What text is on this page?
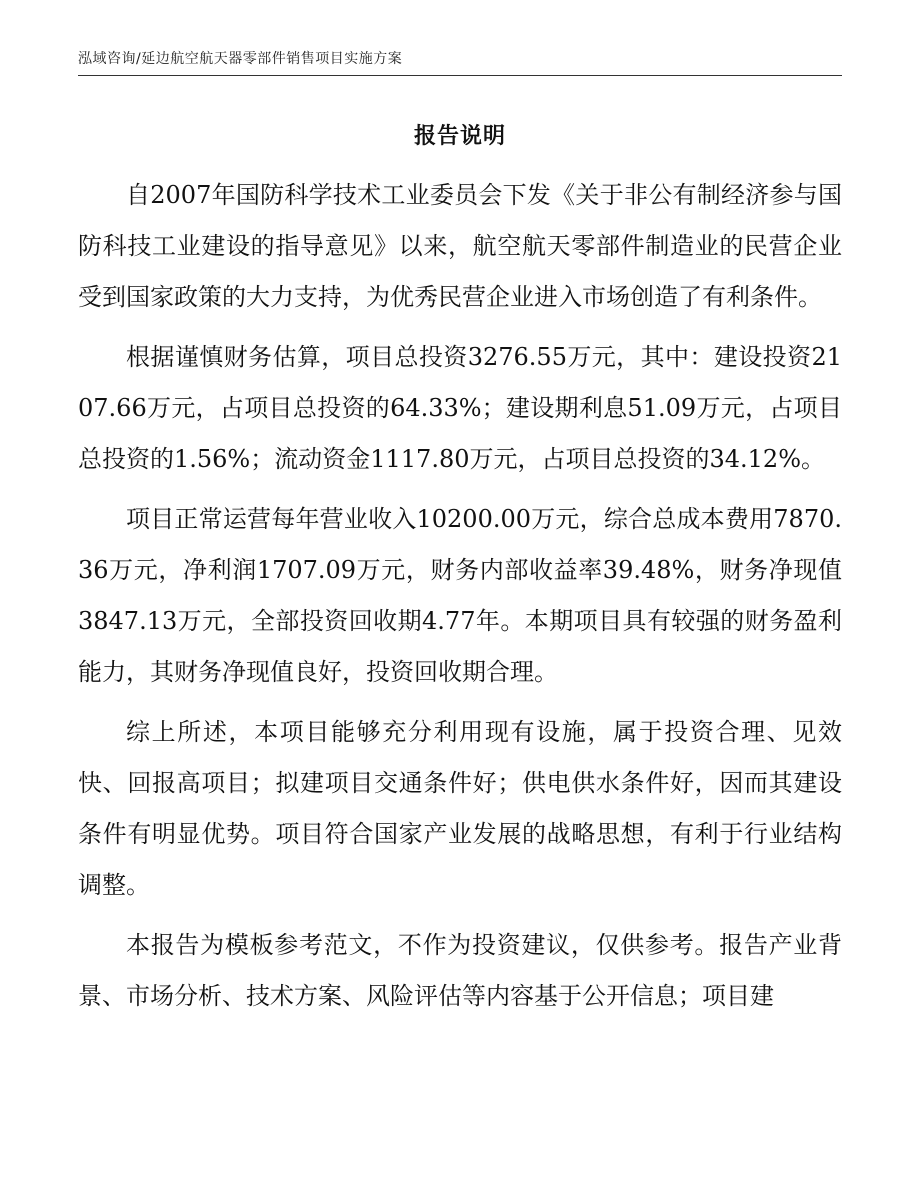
泓域咨询/延边航空航天器零部件销售项目实施方案
报告说明

自2007年国防科学技术工业委员会下发《关于非公有制经济参与国防科技工业建设的指导意见》以来，航空航天零部件制造业的民营企业受到国家政策的大力支持，为优秀民营企业进入市场创造了有利条件。

根据谨慎财务估算，项目总投资3276.55万元，其中：建设投资2107.66万元，占项目总投资的64.33%；建设期利息51.09万元，占项目总投资的1.56%；流动资金1117.80万元，占项目总投资的34.12%。

项目正常运营每年营业收入10200.00万元，综合总成本费用7870.36万元，净利润1707.09万元，财务内部收益率39.48%，财务净现值3847.13万元，全部投资回收期4.77年。本期项目具有较强的财务盈利能力，其财务净现值良好，投资回收期合理。

综上所述，本项目能够充分利用现有设施，属于投资合理、见效快、回报高项目；拟建项目交通条件好；供电供水条件好，因而其建设条件有明显优势。项目符合国家产业发展的战略思想，有利于行业结构调整。

本报告为模板参考范文，不作为投资建议，仅供参考。报告产业背景、市场分析、技术方案、风险评估等内容基于公开信息；项目建
